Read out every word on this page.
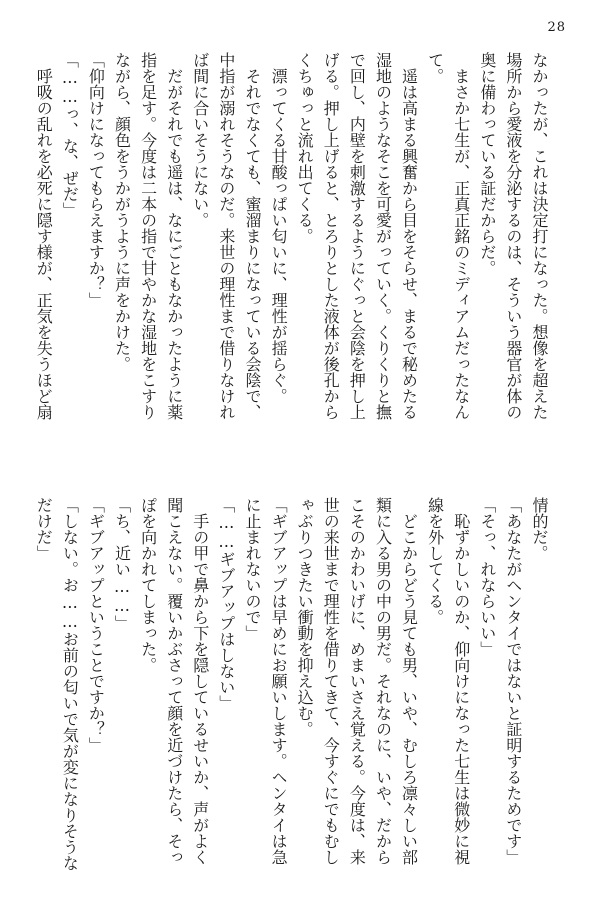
28
なかったが、これは決定打になった。想像を超えた
場所から愛液を分泌するのは、そういう器官が体の
奥に備わっている証だからだ。
　まさか七生が、正真正銘のミディアムだったなん
て。
　遥は高まる興奮から目をそらせ、まるで秘めたる
湿地のようなそこを可愛がっていく。くりくりと撫
で回し、内壁を刺激するようにぐっと会陰を押し上
げる。押し上げると、とろりとした液体が後孔から
くちゅっと流れ出てくる。
　漂ってくる甘酸っぱい匂いに、理性が揺らぐ。
　それでなくても、蜜溜まりになっている会陰で、
中指が溺れそうなのだ。来世の理性まで借りなけれ
ば間に合いそうにない。
　だがそれでも遥は、なにごともなかったように薬
指を足す。今度は二本の指で甘やかな湿地をこすり
ながら、顔色をうかがうように声をかけた。
「仰向けになってもらえますか？」
「……っ、な、ぜだ」
　呼吸の乱れを必死に隠す様が、正気を失うほど扇
情的だ。
「あなたがヘンタイではないと証明するためです」
「そっ、れならいい」
　恥ずかしいのか、仰向けになった七生は微妙に視
線を外してくる。
　どこからどう見ても男、いや、むしろ凛々しい部
類に入る男の中の男だ。それなのに、いや、だから
こそのかわいげに、めまいさえ覚える。今度は、来
世の来世まで理性を借りてきて、今すぐにでもむし
ゃぶりつきたい衝動を抑え込む。
「ギブアップは早めにお願いします。ヘンタイは急
に止まれないので」
「……ギブアップはしない」
　手の甲で鼻から下を隠しているせいか、声がよく
聞こえない。覆いかぶさって顔を近づけたら、そっ
ぽを向かれてしまった。
「ち、近い……」
「ギブアップということですか？」
「しない。お……お前の匂いで気が変になりそうな
だけだ」
